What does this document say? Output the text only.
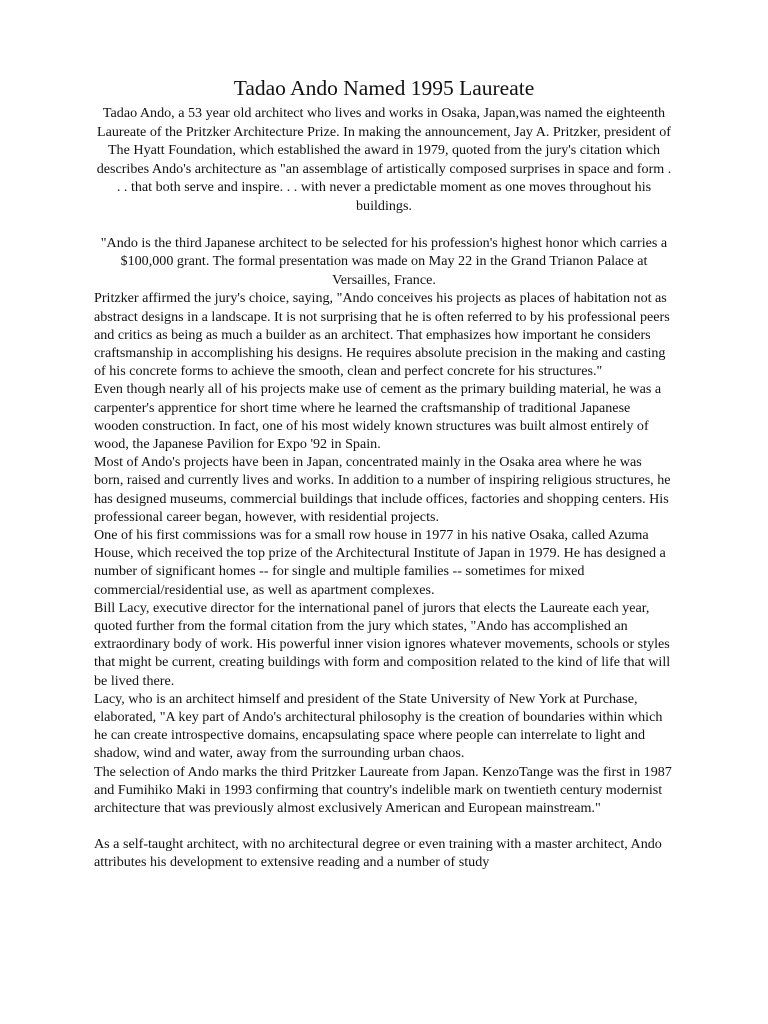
Tadao Ando Named 1995 Laureate

Tadao Ando, a 53 year old architect who lives and works in Osaka, Japan,was named the eighteenth Laureate of the Pritzker Architecture Prize. In making the announcement, Jay A. Pritzker, president of The Hyatt Foundation, which established the award in 1979, quoted from the jury's citation which describes Ando's architecture as "an assemblage of artistically composed surprises in space and form . . . that both serve and inspire. . . with never a predictable moment as one moves throughout his buildings.

"Ando is the third Japanese architect to be selected for his profession's highest honor which carries a $100,000 grant. The formal presentation was made on May 22 in the Grand Trianon Palace at Versailles, France.

Pritzker affirmed the jury's choice, saying, "Ando conceives his projects as places of habitation not as abstract designs in a landscape. It is not surprising that he is often referred to by his professional peers and critics as being as much a builder as an architect. That emphasizes how important he considers craftsmanship in accomplishing his designs. He requires absolute precision in the making and casting of his concrete forms to achieve the smooth, clean and perfect concrete for his structures."

Even though nearly all of his projects make use of cement as the primary building material, he was a carpenter's apprentice for short time where he learned the craftsmanship of traditional Japanese wooden construction. In fact, one of his most widely known structures was built almost entirely of wood, the Japanese Pavilion for Expo '92 in Spain.

Most of Ando's projects have been in Japan, concentrated mainly in the Osaka area where he was born, raised and currently lives and works. In addition to a number of inspiring religious structures, he has designed museums, commercial buildings that include offices, factories and shopping centers. His professional career began, however, with residential projects.

One of his first commissions was for a small row house in 1977 in his native Osaka, called Azuma House, which received the top prize of the Architectural Institute of Japan in 1979. He has designed a number of significant homes -- for single and multiple families -- sometimes for mixed commercial/residential use, as well as apartment complexes.

Bill Lacy, executive director for the international panel of jurors that elects the Laureate each year, quoted further from the formal citation from the jury which states, "Ando has accomplished an extraordinary body of work. His powerful inner vision ignores whatever movements, schools or styles that might be current, creating buildings with form and composition related to the kind of life that will be lived there.

Lacy, who is an architect himself and president of the State University of New York at Purchase, elaborated, "A key part of Ando's architectural philosophy is the creation of boundaries within which he can create introspective domains, encapsulating space where people can interrelate to light and shadow, wind and water, away from the surrounding urban chaos.

The selection of Ando marks the third Pritzker Laureate from Japan. KenzoTange was the first in 1987 and Fumihiko Maki in 1993 confirming that country's indelible mark on twentieth century modernist architecture that was previously almost exclusively American and European mainstream."

As a self-taught architect, with no architectural degree or even training with a master architect, Ando attributes his development to extensive reading and a number of study
